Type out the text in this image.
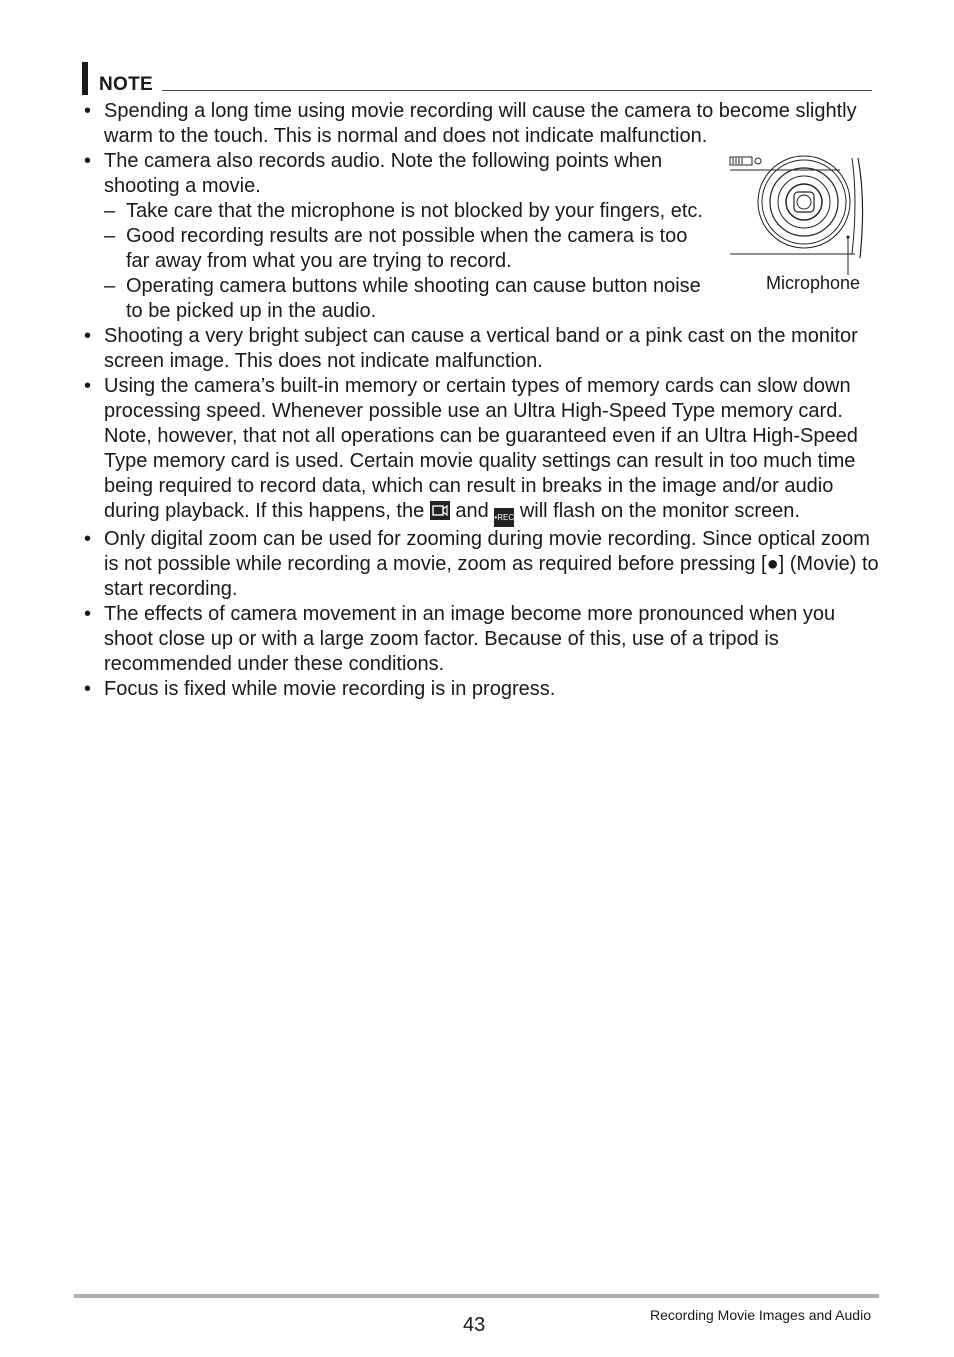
NOTE
• Spending a long time using movie recording will cause the camera to become slightly warm to the touch. This is normal and does not indicate malfunction.
• The camera also records audio. Note the following points when shooting a movie.
– Take care that the microphone is not blocked by your fingers, etc.
– Good recording results are not possible when the camera is too far away from what you are trying to record.
– Operating camera buttons while shooting can cause button noise to be picked up in the audio.
• Shooting a very bright subject can cause a vertical band or a pink cast on the monitor screen image. This does not indicate malfunction.
• Using the camera’s built-in memory or certain types of memory cards can slow down processing speed. Whenever possible use an Ultra High-Speed Type memory card. Note, however, that not all operations can be guaranteed even if an Ultra High-Speed Type memory card is used. Certain movie quality settings can result in too much time being required to record data, which can result in breaks in the image and/or audio during playback. If this happens, the and •REC will flash on the monitor screen.
• Only digital zoom can be used for zooming during movie recording. Since optical zoom is not possible while recording a movie, zoom as required before pressing [●] (Movie) to start recording.
• The effects of camera movement in an image become more pronounced when you shoot close up or with a large zoom factor. Because of this, use of a tripod is recommended under these conditions.
• Focus is fixed while movie recording is in progress.
Microphone
43	Recording Movie Images and Audio
